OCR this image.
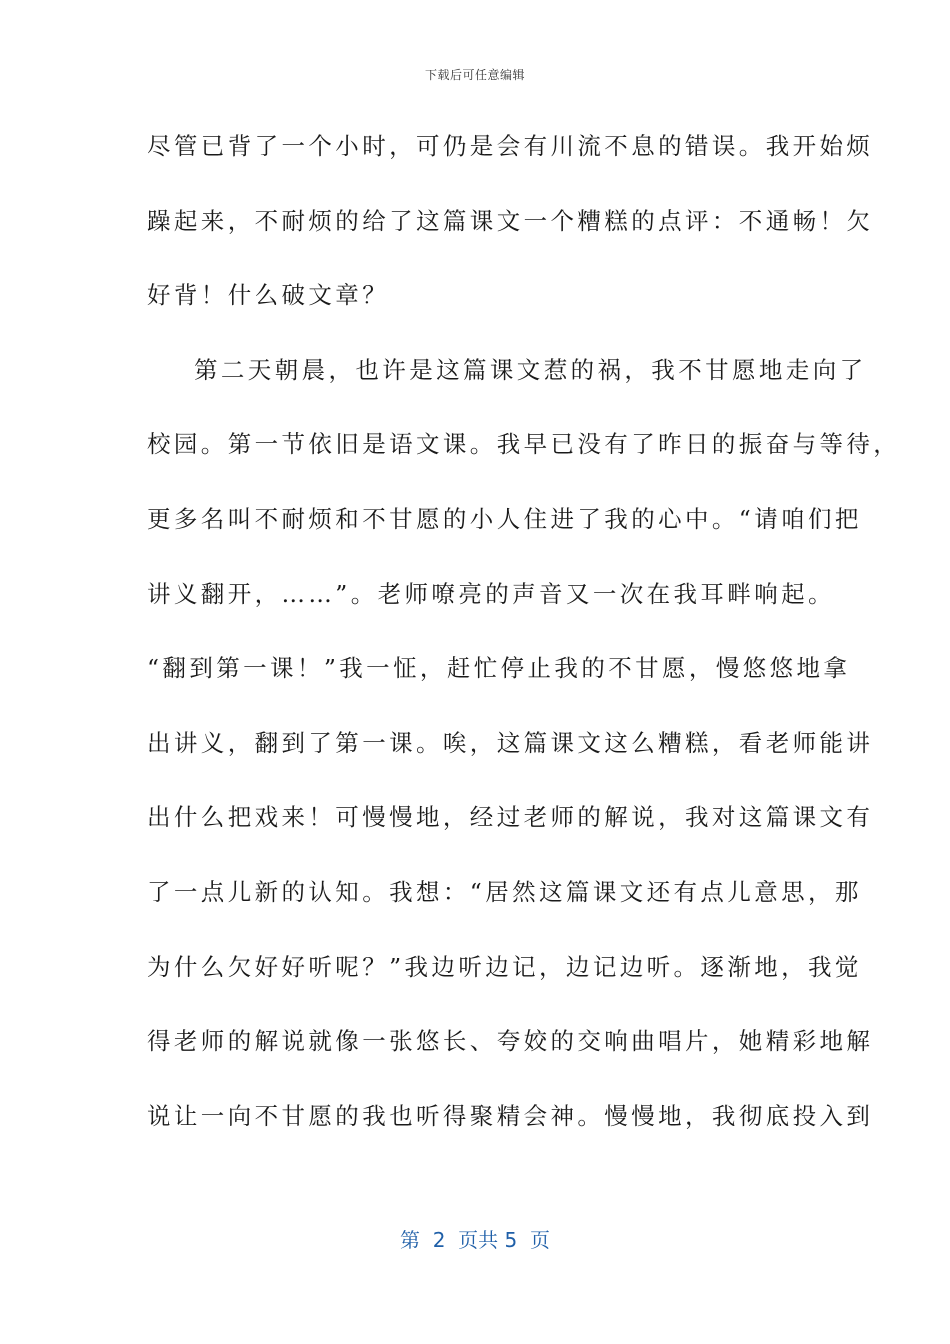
下载后可任意编辑
尽管已背了一个小时，可仍是会有川流不息的错误。我开始烦
躁起来，不耐烦的给了这篇课文一个糟糕的点评：不通畅！欠
好背！什么破文章？
第二天朝晨，也许是这篇课文惹的祸，我不甘愿地走向了
校园。第一节依旧是语文课。我早已没有了昨日的振奋与等待，
更多名叫不耐烦和不甘愿的小人住进了我的心中。“请咱们把
讲义翻开，……”。老师嘹亮的声音又一次在我耳畔响起。
“翻到第一课！”我一怔，赶忙停止我的不甘愿，慢悠悠地拿
出讲义，翻到了第一课。唉，这篇课文这么糟糕，看老师能讲
出什么把戏来！可慢慢地，经过老师的解说，我对这篇课文有
了一点儿新的认知。我想：“居然这篇课文还有点儿意思，那
为什么欠好好听呢？”我边听边记，边记边听。逐渐地，我觉
得老师的解说就像一张悠长、夸姣的交响曲唱片，她精彩地解
说让一向不甘愿的我也听得聚精会神。慢慢地，我彻底投入到
第  2  页共 5  页
